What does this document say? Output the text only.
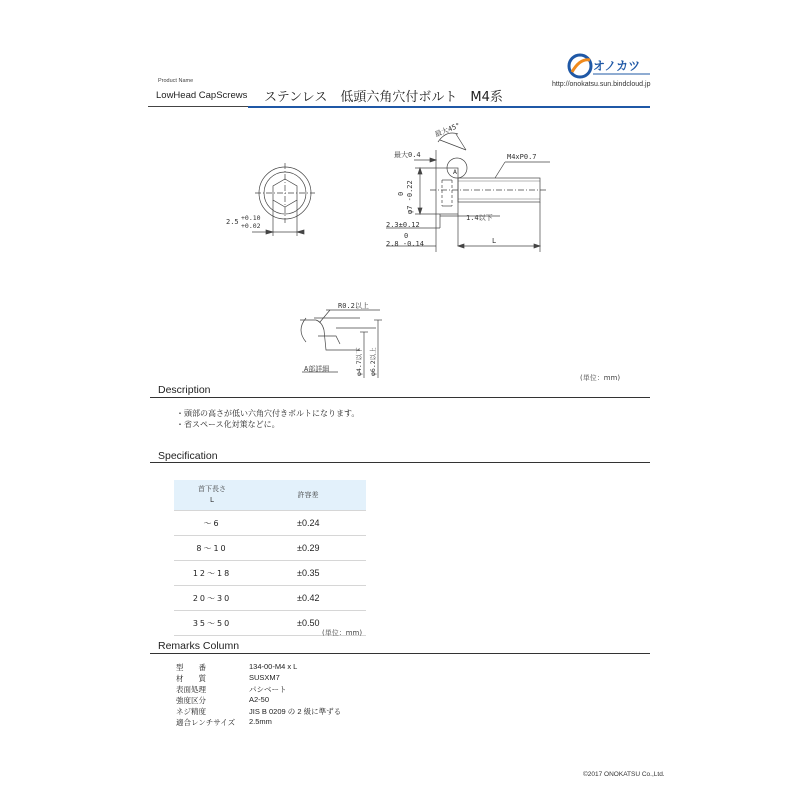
オノカツ
http://onokatsu.sun.bindcloud.jp
Product Name
LowHead CapScrews ステンレス　低頭六角穴付ボルト　M4系
最大45°
最大0.4	M4xP0.7
A
0 φ7 -0.22
1.4以下
2.3±0.12
0
2.8 -0.14	L
2.5 +0.10
+0.02
R0.2以上
φ4.7以下 φ6.2以上
A部詳細
(単位：mm)
Description
・頭部の高さが低い六角穴付きボルトになります。
・省スペース化対策などに。
Specification
首下長さ
L	許容差
～6	±0.24
8～10	±0.29
12～18	±0.35
20～30	±0.42
35～50	±0.50
(単位：mm)
Remarks Column
型　　番	134-00-M4 x L
材　　質	SUSXM7
表面処理	パシベート
強度区分	A2-50
ネジ精度	JIS B 0209 の 2 級に準ずる
適合レンチサイズ	2.5mm
©2017 ONOKATSU Co.,Ltd.
